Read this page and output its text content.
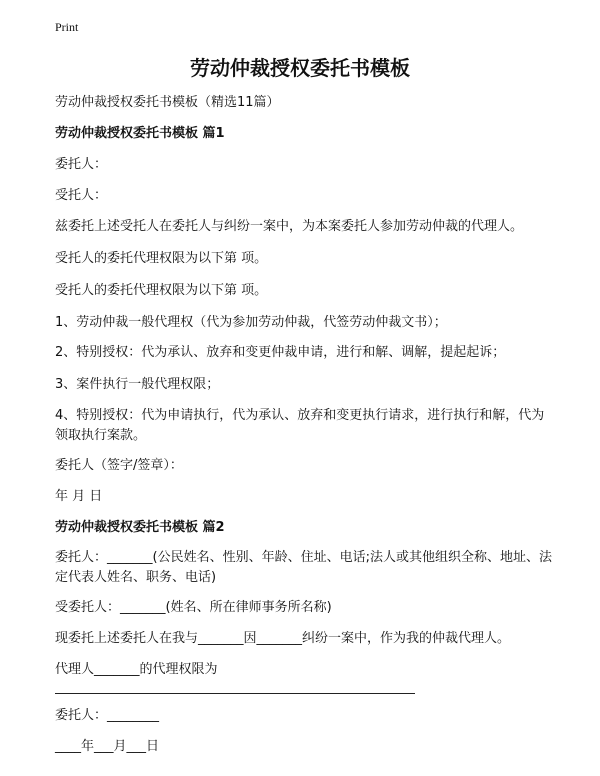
Print
劳动仲裁授权委托书模板
劳动仲裁授权委托书模板（精选11篇）
劳动仲裁授权委托书模板 篇1
委托人：
受托人：
兹委托上述受托人在委托人与纠纷一案中，为本案委托人参加劳动仲裁的代理人。
受托人的委托代理权限为以下第 项。
受托人的委托代理权限为以下第 项。
1、劳动仲裁一般代理权（代为参加劳动仲裁，代签劳动仲裁文书）；
2、特别授权：代为承认、放弃和变更仲裁申请，进行和解、调解，提起起诉；
3、案件执行一般代理权限；
4、特别授权：代为申请执行，代为承认、放弃和变更执行请求，进行执行和解，代为领取执行案款。
委托人（签字/签章）：
年 月 日
劳动仲裁授权委托书模板 篇2
委托人：_______(公民姓名、性别、年龄、住址、电话;法人或其他组织全称、地址、法定代表人姓名、职务、电话)
受委托人：_______(姓名、所在律师事务所名称)
现委托上述委托人在我与_______因_______纠纷一案中，作为我的仲裁代理人。
代理人_______的代理权限为
委托人：________
____年___月___日
